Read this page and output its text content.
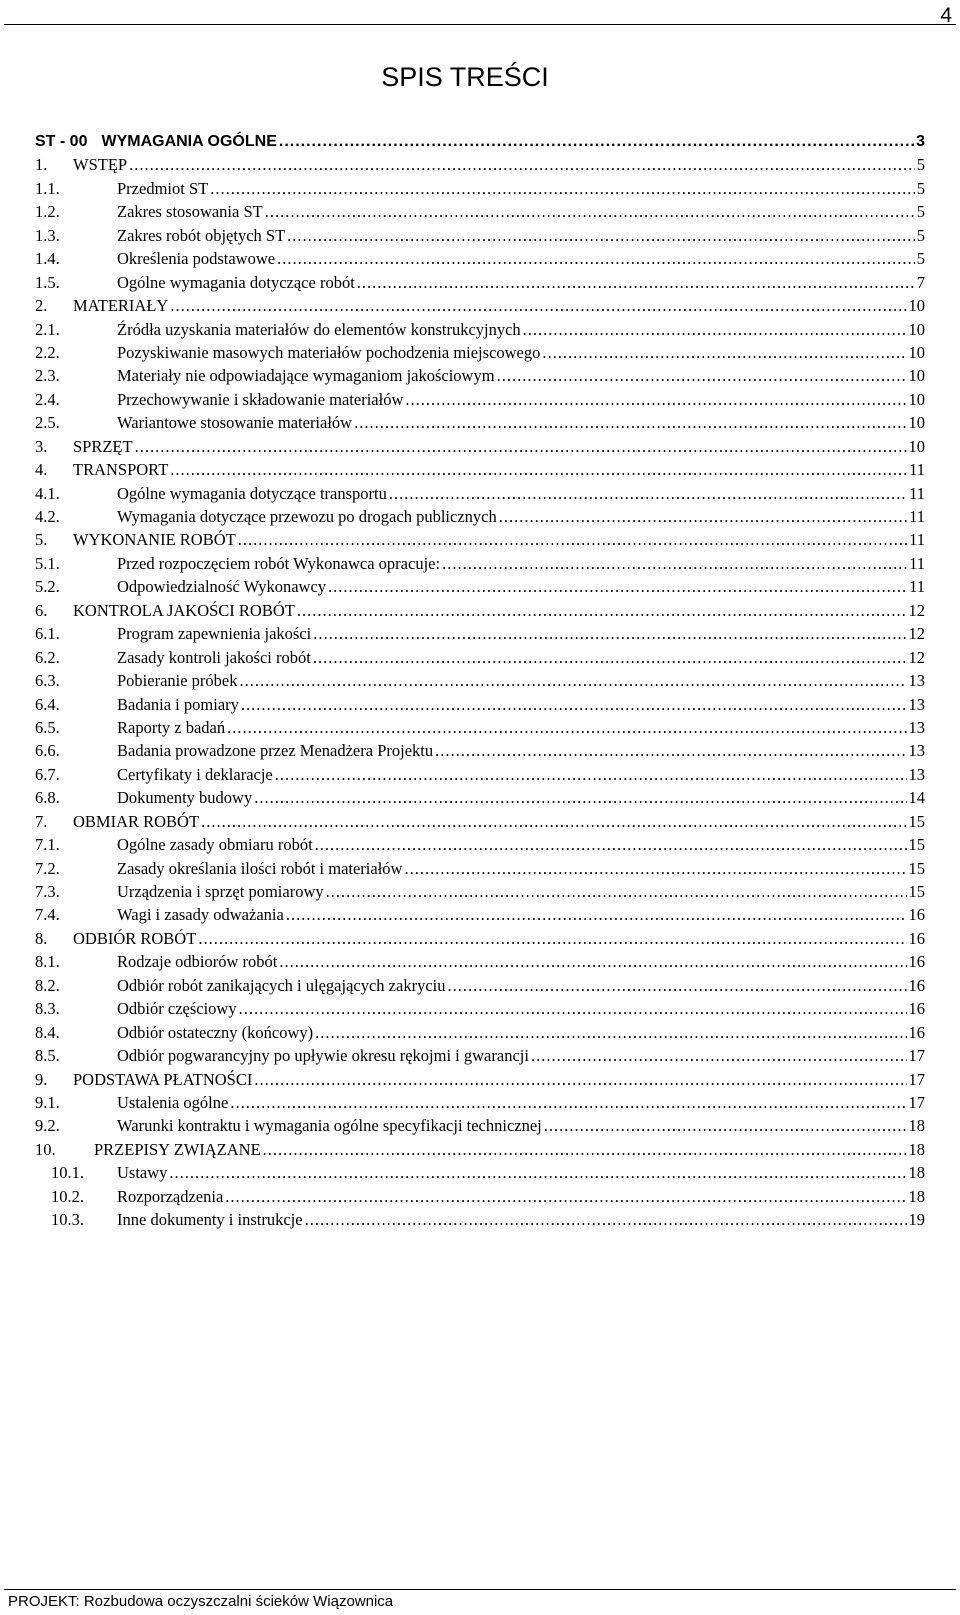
4
SPIS TREŚCI
ST - 00 WYMAGANIA OGÓLNE .....	3
1.	WSTĘP .....	5
1.1.	Przedmiot ST .....	5
1.2.	Zakres stosowania ST .....	5
1.3.	Zakres robót objętych ST .....	5
1.4.	Określenia podstawowe .....	5
1.5.	Ogólne wymagania dotyczące robót .....	7
2.	MATERIAŁY .....	10
2.1.	Źródła uzyskania materiałów do elementów konstrukcyjnych .....	10
2.2.	Pozyskiwanie masowych materiałów pochodzenia miejscowego .....	10
2.3.	Materiały nie odpowiadające wymaganiom jakościowym .....	10
2.4.	Przechowywanie i składowanie materiałów .....	10
2.5.	Wariantowe stosowanie materiałów .....	10
3.	SPRZĘT .....	10
4.	TRANSPORT .....	11
4.1.	Ogólne wymagania dotyczące transportu .....	11
4.2.	Wymagania dotyczące przewozu po drogach publicznych .....	11
5.	WYKONANIE ROBÓT .....	11
5.1.	Przed rozpoczęciem robót Wykonawca opracuje: .....	11
5.2.	Odpowiedzialność Wykonawcy .....	11
6.	KONTROLA JAKOŚCI ROBÓT .....	12
6.1.	Program zapewnienia jakości .....	12
6.2.	Zasady kontroli jakości robót .....	12
6.3.	Pobieranie próbek .....	13
6.4.	Badania i pomiary .....	13
6.5.	Raporty z badań .....	13
6.6.	Badania prowadzone przez Menadżera Projektu .....	13
6.7.	Certyfikaty i deklaracje .....	13
6.8.	Dokumenty budowy .....	14
7.	OBMIAR ROBÓT .....	15
7.1.	Ogólne zasady obmiaru robót .....	15
7.2.	Zasady określania ilości robót i materiałów .....	15
7.3.	Urządzenia i sprzęt pomiarowy .....	15
7.4.	Wagi i zasady odważania .....	16
8.	ODBIÓR ROBÓT .....	16
8.1.	Rodzaje odbiorów robót .....	16
8.2.	Odbiór robót zanikających i ulęgających zakryciu .....	16
8.3.	Odbiór częściowy .....	16
8.4.	Odbiór ostateczny (końcowy) .....	16
8.5.	Odbiór pogwarancyjny po upływie okresu rękojmi i gwarancji .....	17
9.	PODSTAWA PŁATNOŚCI .....	17
9.1.	Ustalenia ogólne .....	17
9.2.	Warunki kontraktu i wymagania ogólne specyfikacji technicznej .....	18
10.	PRZEPISY ZWIĄZANE .....	18
10.1.	Ustawy .....	18
10.2.	Rozporządzenia .....	18
10.3.	Inne dokumenty i instrukcje .....	19
PROJEKT: Rozbudowa oczyszczalni ścieków Wiązownica
